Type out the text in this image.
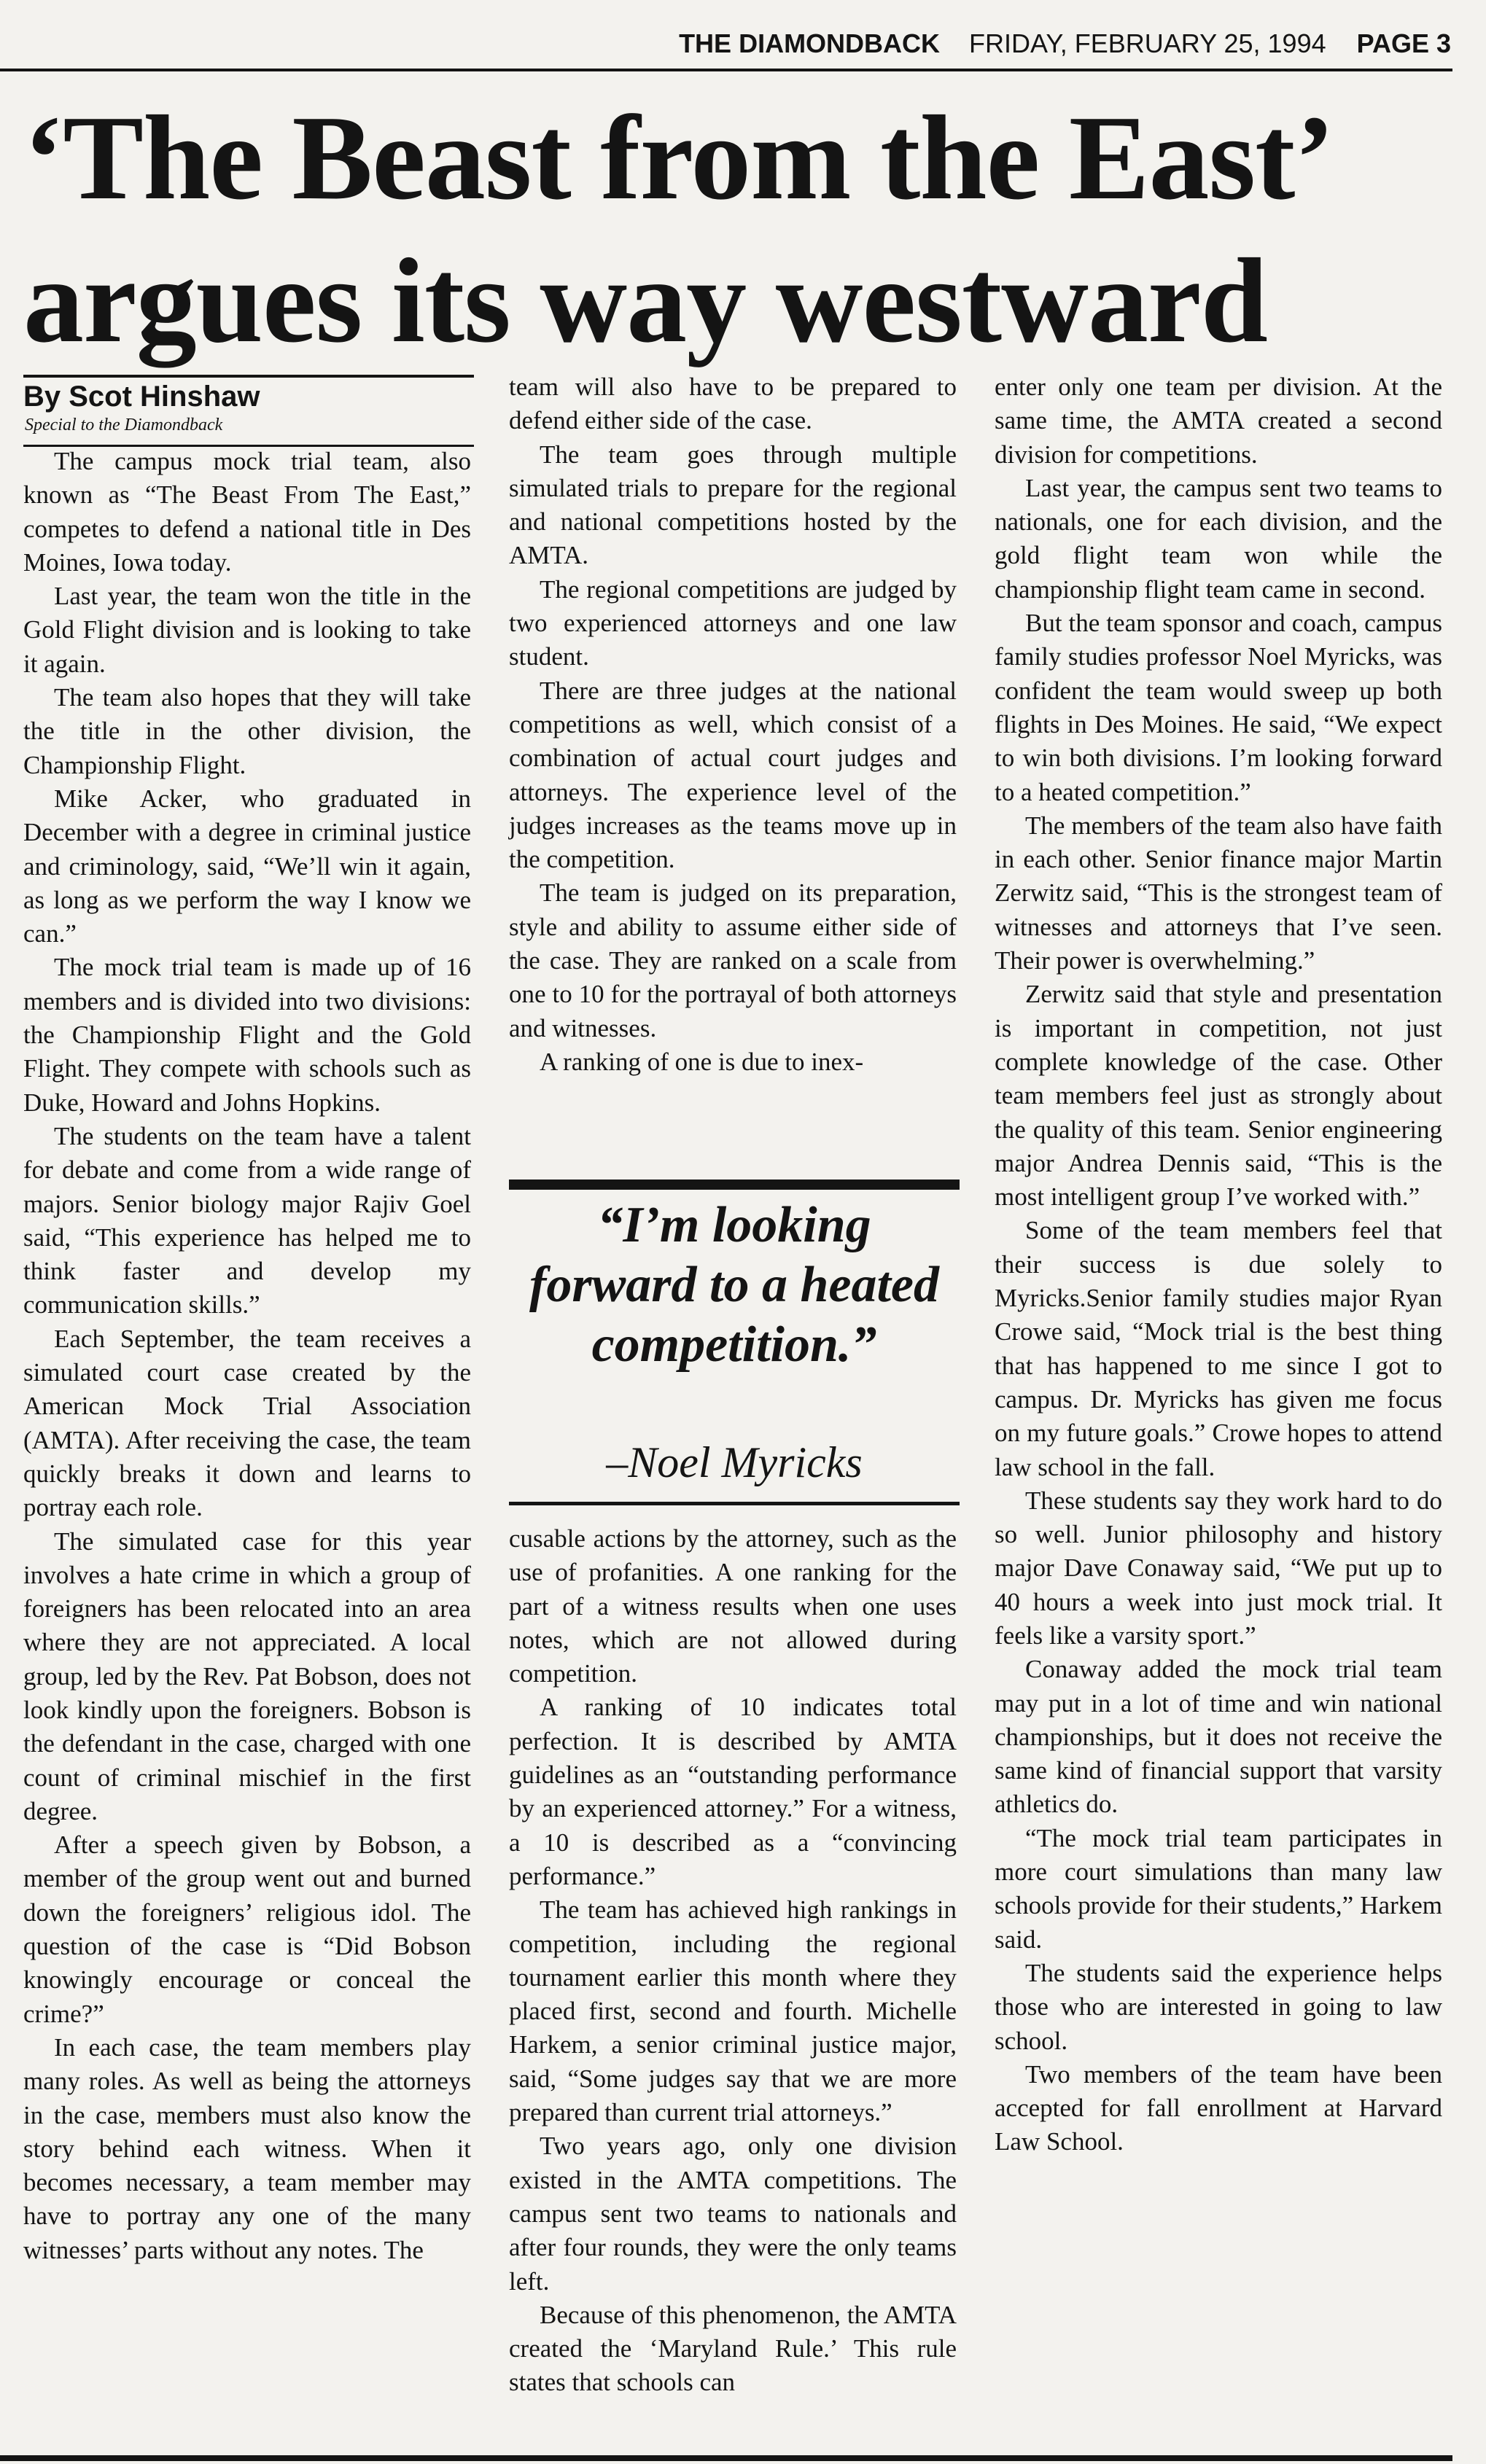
THE DIAMONDBACK FRIDAY, FEBRUARY 25, 1994 PAGE 3
‘The Beast from the East’
argues its way westward
By Scot Hinshaw
Special to the Diamondback

The campus mock trial team, also known as “The Beast From The East,” competes to defend a national title in Des Moines, Iowa today.

Last year, the team won the title in the Gold Flight division and is looking to take it again.

The team also hopes that they will take the title in the other division, the Championship Flight.

Mike Acker, who graduated in December with a degree in criminal justice and criminology, said, “We’ll win it again, as long as we perform the way I know we can.”

The mock trial team is made up of 16 members and is divided into two divisions: the Championship Flight and the Gold Flight. They compete with schools such as Duke, Howard and Johns Hopkins.

The students on the team have a talent for debate and come from a wide range of majors. Senior biology major Rajiv Goel said, “This experience has helped me to think faster and develop my communication skills.”

Each September, the team receives a simulated court case created by the American Mock Trial Association (AMTA). After receiving the case, the team quickly breaks it down and learns to portray each role.

The simulated case for this year involves a hate crime in which a group of foreigners has been relocated into an area where they are not appreciated. A local group, led by the Rev. Pat Bobson, does not look kindly upon the foreigners. Bobson is the defendant in the case, charged with one count of criminal mischief in the first degree.

After a speech given by Bobson, a member of the group went out and burned down the foreigners’ religious idol. The question of the case is “Did Bobson knowingly encourage or conceal the crime?”

In each case, the team members play many roles. As well as being the attorneys in the case, members must also know the story behind each witness. When it becomes necessary, a team member may have to portray any one of the many witnesses’ parts without any notes. The

team will also have to be prepared to defend either side of the case.

The team goes through multiple simulated trials to prepare for the regional and national competitions hosted by the AMTA.

The regional competitions are judged by two experienced attorneys and one law student.

There are three judges at the national competitions as well, which consist of a combination of actual court judges and attorneys. The experience level of the judges increases as the teams move up in the competition.

The team is judged on its preparation, style and ability to assume either side of the case. They are ranked on a scale from one to 10 for the portrayal of both attorneys and witnesses.

A ranking of one is due to inex-

“I’m looking forward to a heated competition.”
–Noel Myricks

cusable actions by the attorney, such as the use of profanities. A one ranking for the part of a witness results when one uses notes, which are not allowed during competition.

A ranking of 10 indicates total perfection. It is described by AMTA guidelines as an “outstanding performance by an experienced attorney.” For a witness, a 10 is described as a “convincing performance.”

The team has achieved high rankings in competition, including the regional tournament earlier this month where they placed first, second and fourth. Michelle Harkem, a senior criminal justice major, said, “Some judges say that we are more prepared than current trial attorneys.”

Two years ago, only one division existed in the AMTA competitions. The campus sent two teams to nationals and after four rounds, they were the only teams left.

Because of this phenomenon, the AMTA created the ‘Maryland Rule.’ This rule states that schools can

enter only one team per division. At the same time, the AMTA created a second division for competitions.

Last year, the campus sent two teams to nationals, one for each division, and the gold flight team won while the championship flight team came in second.

But the team sponsor and coach, campus family studies professor Noel Myricks, was confident the team would sweep up both flights in Des Moines. He said, “We expect to win both divisions. I’m looking forward to a heated competition.”

The members of the team also have faith in each other. Senior finance major Martin Zerwitz said, “This is the strongest team of witnesses and attorneys that I’ve seen. Their power is overwhelming.”

Zerwitz said that style and presentation is important in competition, not just complete knowledge of the case. Other team members feel just as strongly about the quality of this team. Senior engineering major Andrea Dennis said, “This is the most intelligent group I’ve worked with.”

Some of the team members feel that their success is due solely to Myricks.Senior family studies major Ryan Crowe said, “Mock trial is the best thing that has happened to me since I got to campus. Dr. Myricks has given me focus on my future goals.” Crowe hopes to attend law school in the fall.

These students say they work hard to do so well. Junior philosophy and history major Dave Conaway said, “We put up to 40 hours a week into just mock trial. It feels like a varsity sport.”

Conaway added the mock trial team may put in a lot of time and win national championships, but it does not receive the same kind of financial support that varsity athletics do.

“The mock trial team participates in more court simulations than many law schools provide for their students,” Harkem said.

The students said the experience helps those who are interested in going to law school.

Two members of the team have been accepted for fall enrollment at Harvard Law School.
